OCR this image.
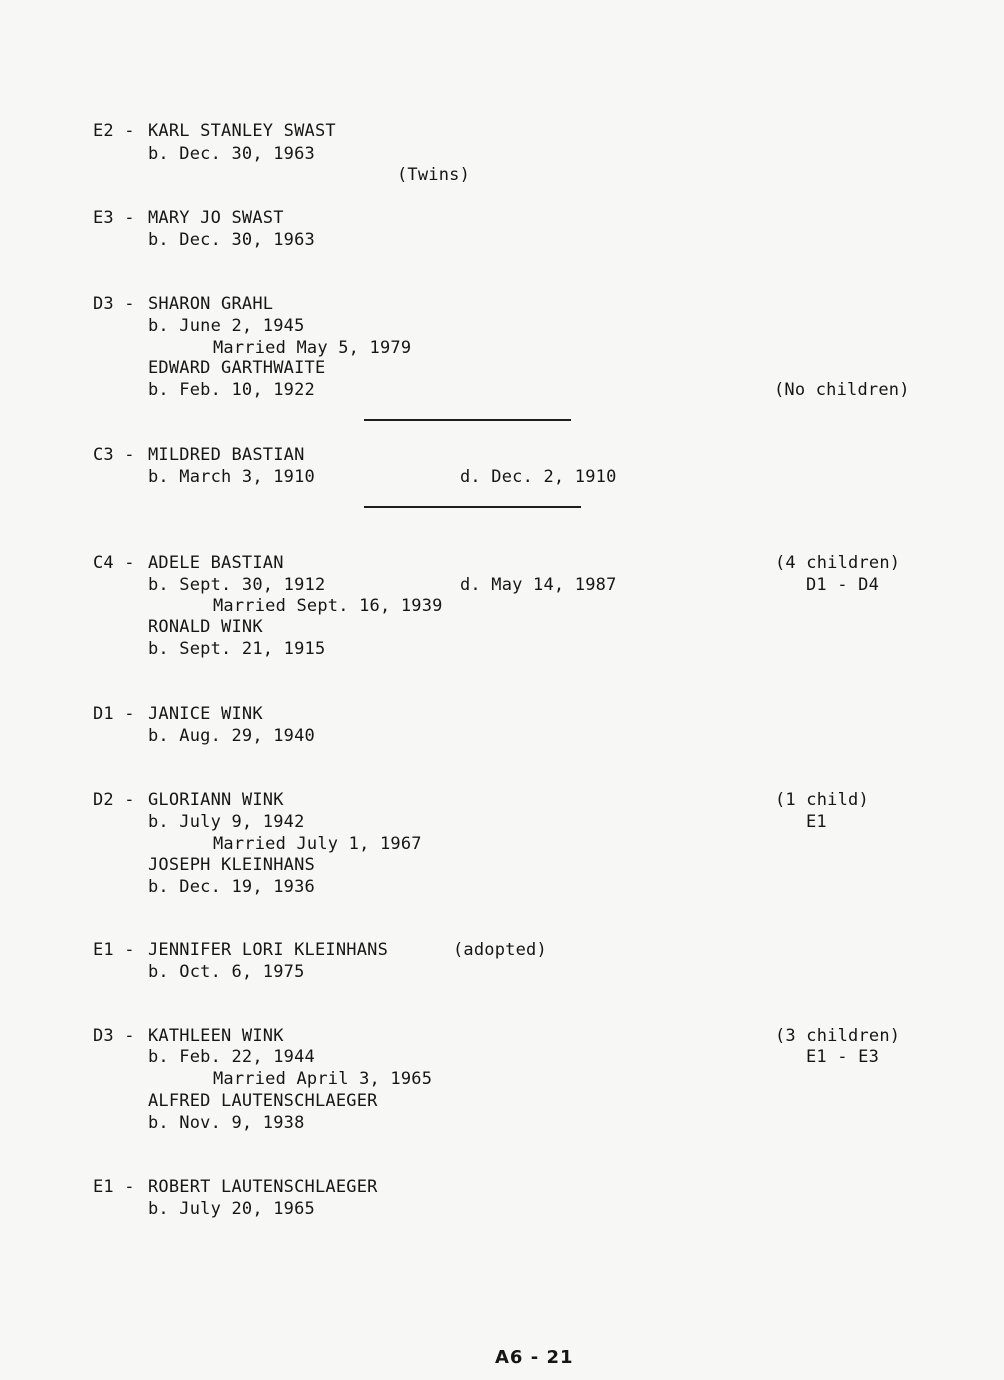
E2 - KARL STANLEY SWAST
b. Dec. 30, 1963
(Twins)
E3 - MARY JO SWAST
b. Dec. 30, 1963
D3 - SHARON GRAHL
b. June 2, 1945
Married May 5, 1979
EDWARD GARTHWAITE
b. Feb. 10, 1922	(No children)
C3 - MILDRED BASTIAN
b. March 3, 1910	d. Dec. 2, 1910
C4 - ADELE BASTIAN	(4 children)
b. Sept. 30, 1912	d. May 14, 1987	D1 - D4
Married Sept. 16, 1939
RONALD WINK
b. Sept. 21, 1915
D1 - JANICE WINK
b. Aug. 29, 1940
D2 - GLORIANN WINK	(1 child)
b. July 9, 1942	E1
Married July 1, 1967
JOSEPH KLEINHANS
b. Dec. 19, 1936
E1 - JENNIFER LORI KLEINHANS	(adopted)
b. Oct. 6, 1975
D3 - KATHLEEN WINK	(3 children)
b. Feb. 22, 1944	E1 - E3
Married April 3, 1965
ALFRED LAUTENSCHLAEGER
b. Nov. 9, 1938
E1 - ROBERT LAUTENSCHLAEGER
b. July 20, 1965
A6 - 21
